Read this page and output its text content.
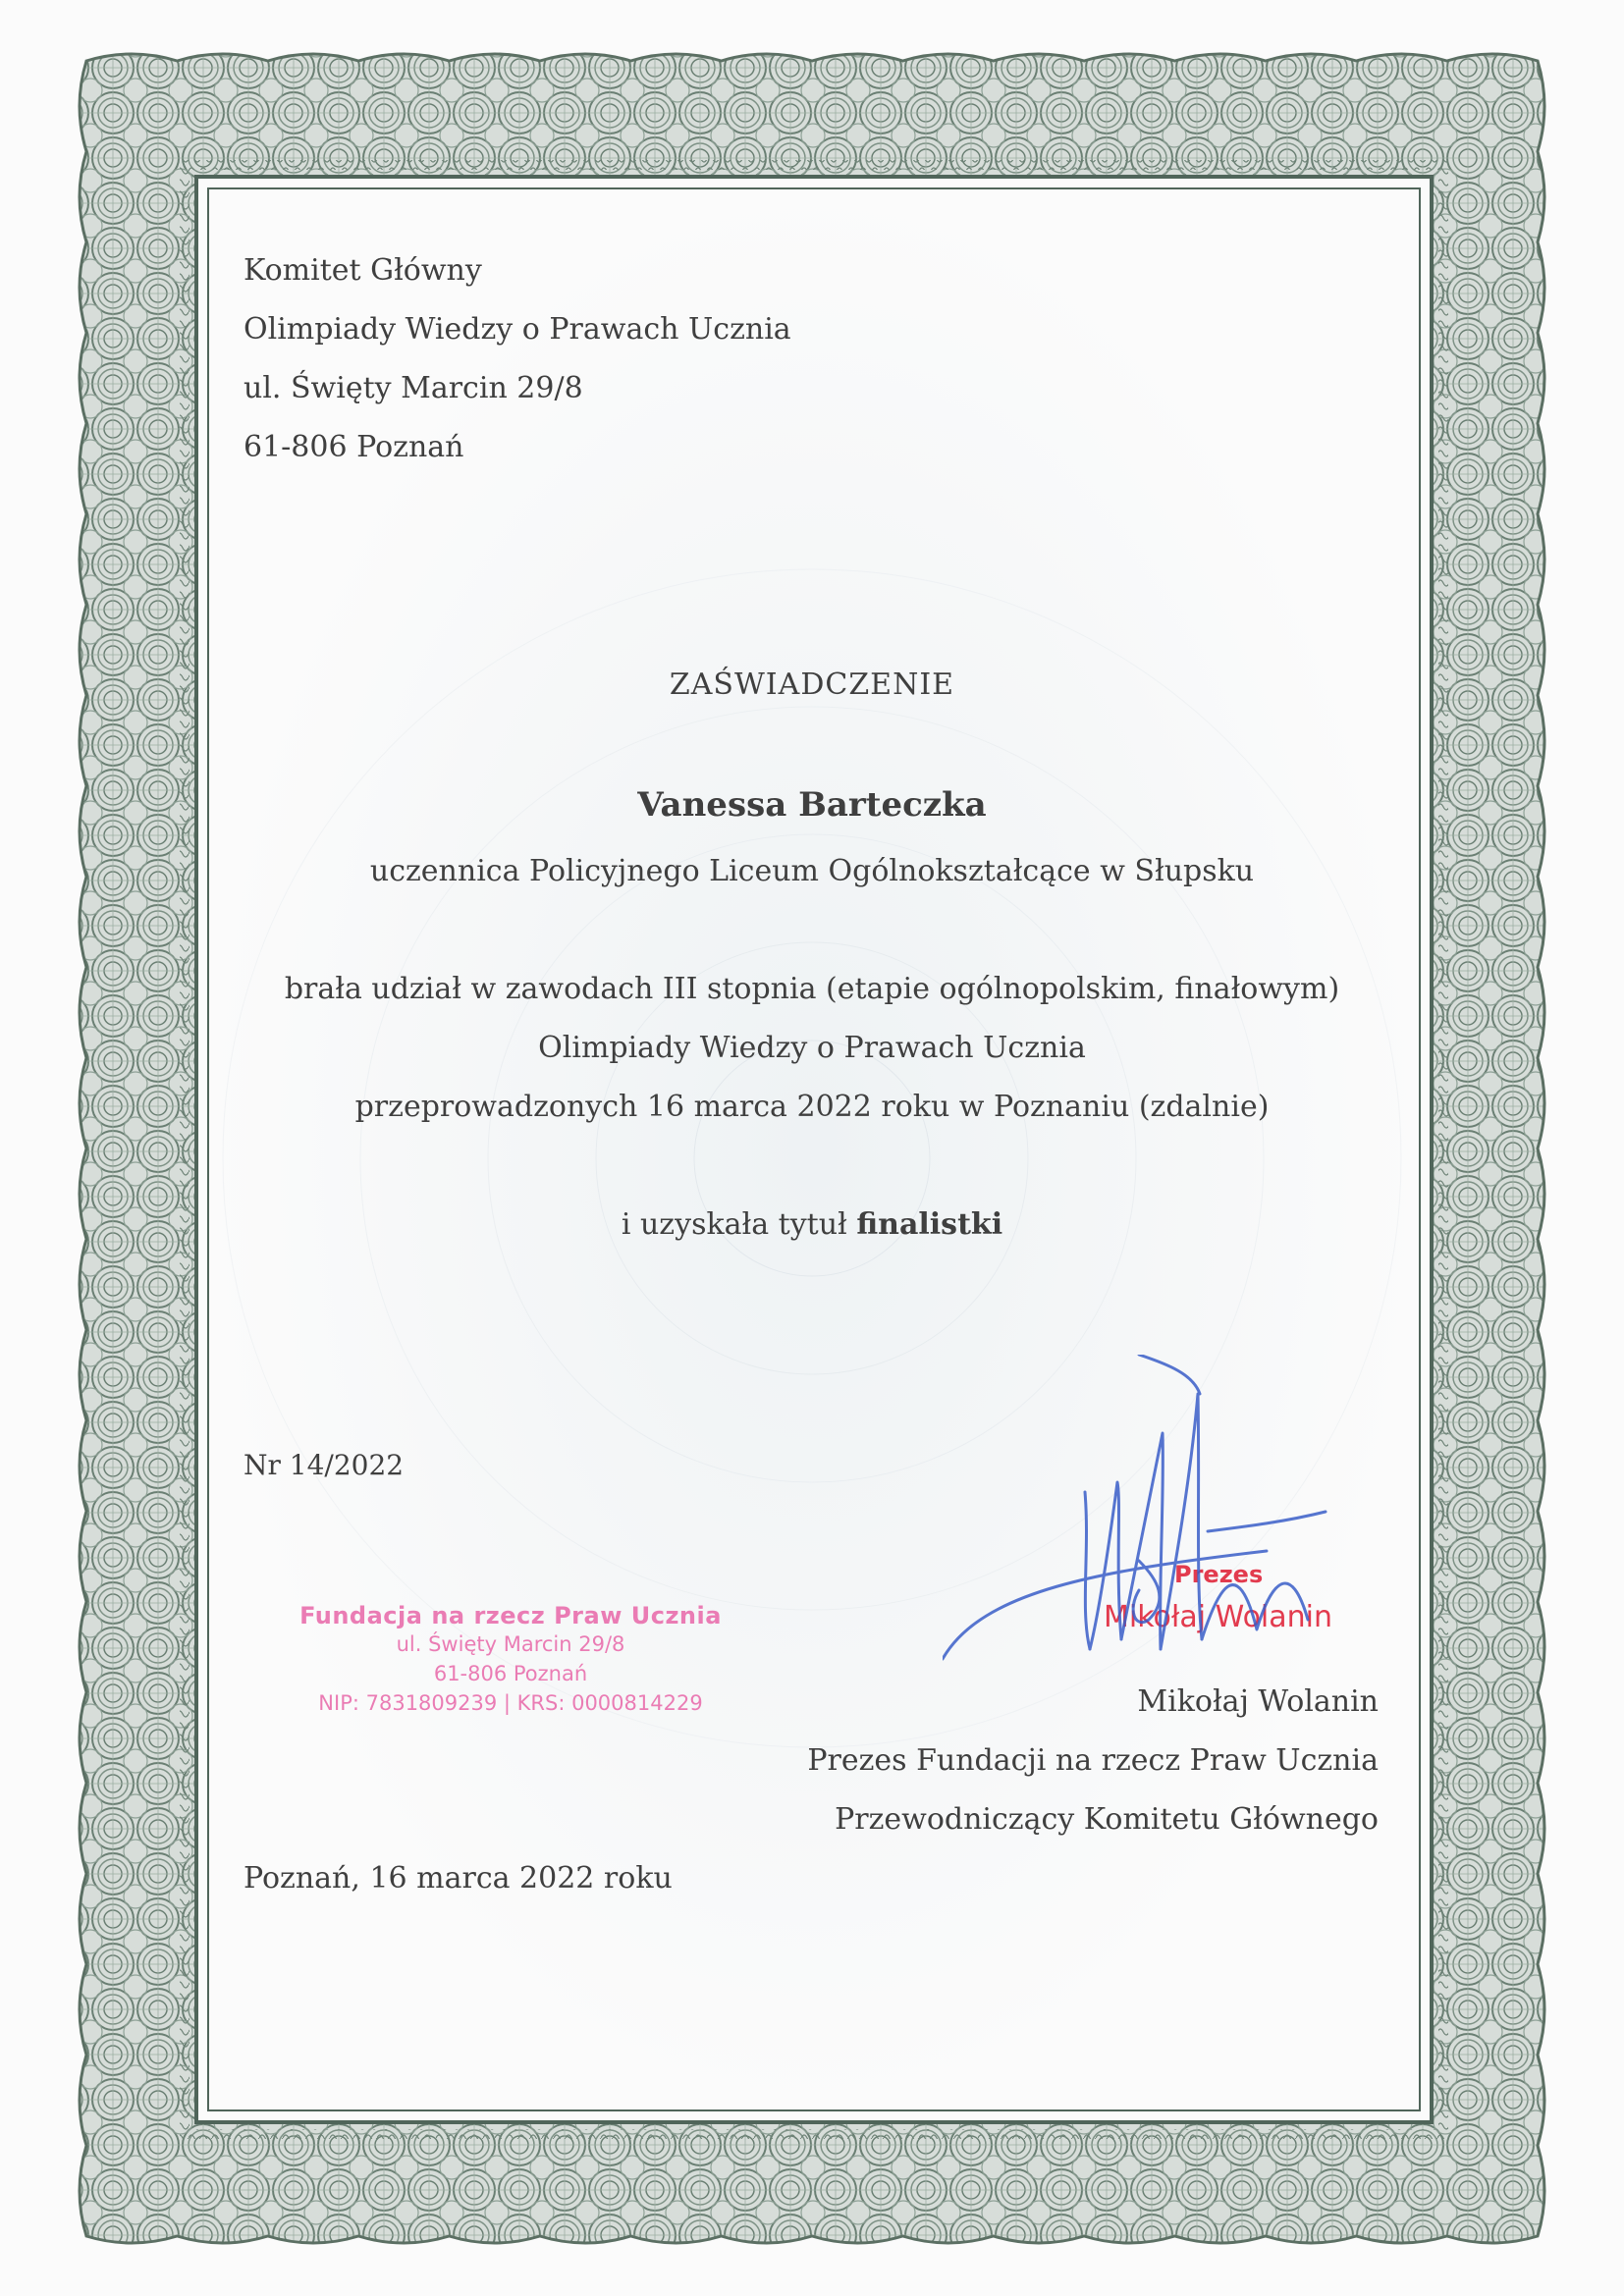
Komitet Główny
Olimpiady Wiedzy o Prawach Ucznia
ul. Święty Marcin 29/8
61-806 Poznań
ZAŚWIADCZENIE
Vanessa Barteczka
uczennica Policyjnego Liceum Ogólnokształcące w Słupsku
brała udział w zawodach III stopnia (etapie ogólnopolskim, finałowym)
Olimpiady Wiedzy o Prawach Ucznia
przeprowadzonych 16 marca 2022 roku w Poznaniu (zdalnie)
i uzyskała tytuł finalistki
Nr 14/2022
Fundacja na rzecz Praw Ucznia
ul. Święty Marcin 29/8
61-806 Poznań
NIP: 7831809239 | KRS: 0000814229
Prezes
Mikołaj Wolanin
Mikołaj Wolanin
Prezes Fundacji na rzecz Praw Ucznia
Przewodniczący Komitetu Głównego
Poznań, 16 marca 2022 roku
